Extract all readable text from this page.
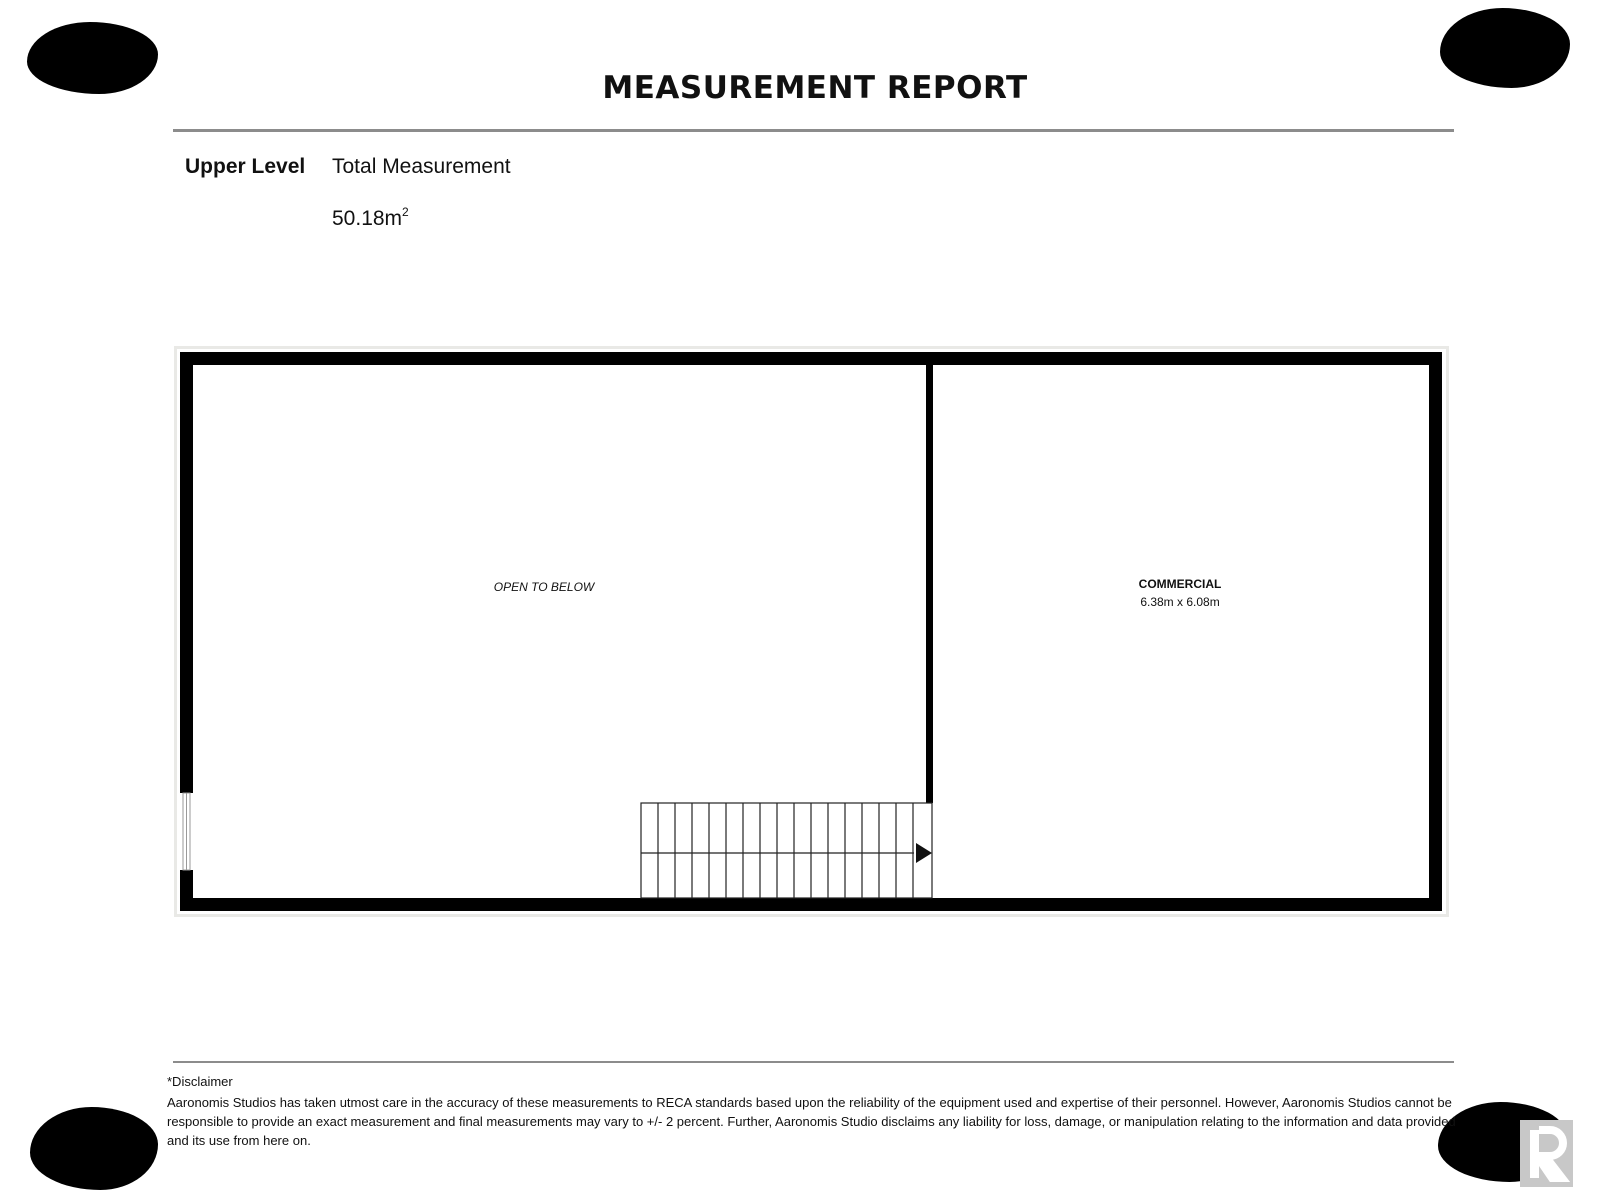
MEASUREMENT REPORT
Upper Level Total Measurement
$50.18m^2$
OPEN TO BELOW	COMMERCIAL
6.38m x 6.08m
*Disclaimer
Aaronomis Studios has taken utmost care in the accuracy of these measurements to RECA standards based upon the reliability of the equipment used and expertise of their personnel. However, Aaronomis Studios cannot be responsible to provide an exact measurement and final measurements may vary to +/- 2 percent. Further, Aaronomis Studio disclaims any liability for loss, damage, or manipulation relating to the information and data provided and its use from here on.
